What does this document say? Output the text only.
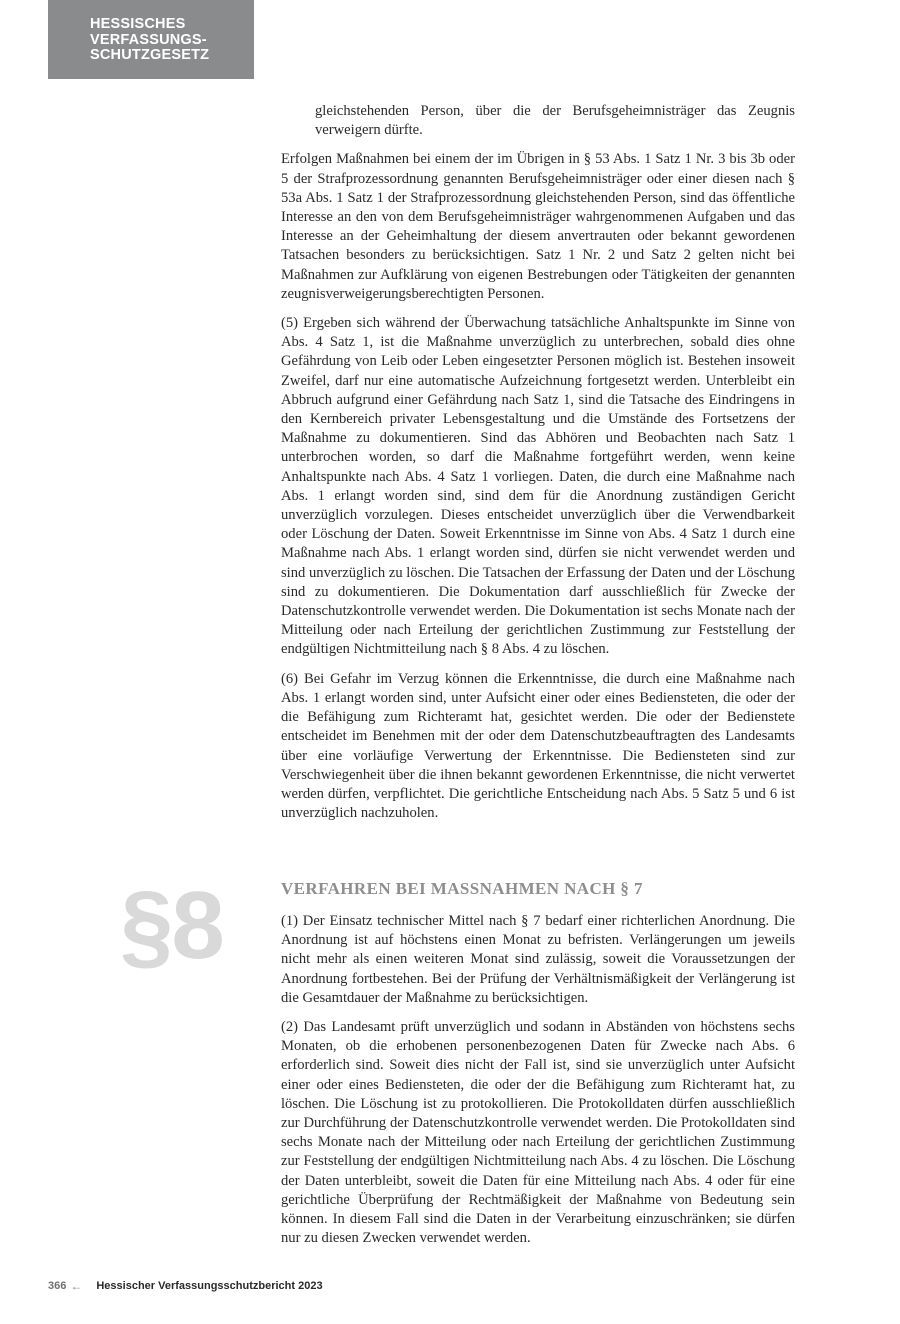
HESSISCHES
VERFASSUNGS-
SCHUTZGESETZ

gleichstehenden Person, über die der Berufsgeheimnisträger das Zeugnis verweigern dürfte.

Erfolgen Maßnahmen bei einem der im Übrigen in § 53 Abs. 1 Satz 1 Nr. 3 bis 3b oder 5 der Strafprozessordnung genannten Berufsgeheimnisträger oder einer diesen nach § 53a Abs. 1 Satz 1 der Strafprozessordnung gleichstehenden Person, sind das öffentliche Interesse an den von dem Berufsgeheimnisträger wahrgenommenen Aufgaben und das Interesse an der Geheimhaltung der diesem anvertrauten oder bekannt gewordenen Tatsachen besonders zu berücksichtigen. Satz 1 Nr. 2 und Satz 2 gelten nicht bei Maßnahmen zur Aufklärung von eigenen Bestrebungen oder Tätigkeiten der genannten zeugnisverweigerungsberechtigten Personen.

(5) Ergeben sich während der Überwachung tatsächliche Anhaltspunkte im Sinne von Abs. 4 Satz 1, ist die Maßnahme unverzüglich zu unterbrechen, sobald dies ohne Gefährdung von Leib oder Leben eingesetzter Personen möglich ist. Bestehen insoweit Zweifel, darf nur eine automatische Aufzeichnung fortgesetzt werden. Unterbleibt ein Abbruch aufgrund einer Gefährdung nach Satz 1, sind die Tatsache des Eindringens in den Kernbereich privater Lebensgestaltung und die Umstände des Fortsetzens der Maßnahme zu dokumentieren. Sind das Abhören und Beobachten nach Satz 1 unterbrochen worden, so darf die Maßnahme fortgeführt werden, wenn keine Anhaltspunkte nach Abs. 4 Satz 1 vorliegen. Daten, die durch eine Maßnahme nach Abs. 1 erlangt worden sind, sind dem für die Anordnung zuständigen Gericht unverzüglich vorzulegen. Dieses entscheidet unverzüglich über die Verwendbarkeit oder Löschung der Daten. Soweit Erkenntnisse im Sinne von Abs. 4 Satz 1 durch eine Maßnahme nach Abs. 1 erlangt worden sind, dürfen sie nicht verwendet werden und sind unverzüglich zu löschen. Die Tatsachen der Erfassung der Daten und der Löschung sind zu dokumentieren. Die Dokumentation darf ausschließlich für Zwecke der Datenschutzkontrolle verwendet werden. Die Dokumentation ist sechs Monate nach der Mitteilung oder nach Erteilung der gerichtlichen Zustimmung zur Feststellung der endgültigen Nichtmitteilung nach § 8 Abs. 4 zu löschen.

(6) Bei Gefahr im Verzug können die Erkenntnisse, die durch eine Maßnahme nach Abs. 1 erlangt worden sind, unter Aufsicht einer oder eines Bediensteten, die oder der die Befähigung zum Richteramt hat, gesichtet werden. Die oder der Bedienstete entscheidet im Benehmen mit der oder dem Datenschutzbeauftragten des Landesamts über eine vorläufige Verwertung der Erkenntnisse. Die Bediensteten sind zur Verschwiegenheit über die ihnen bekannt gewordenen Erkenntnisse, die nicht verwertet werden dürfen, verpflichtet. Die gerichtliche Entscheidung nach Abs. 5 Satz 5 und 6 ist unverzüglich nachzuholen.

§8	VERFAHREN BEI MASSNAHMEN NACH § 7

(1) Der Einsatz technischer Mittel nach § 7 bedarf einer richterlichen Anordnung. Die Anordnung ist auf höchstens einen Monat zu befristen. Verlängerungen um jeweils nicht mehr als einen weiteren Monat sind zulässig, soweit die Voraussetzungen der Anordnung fortbestehen. Bei der Prüfung der Verhältnismäßigkeit der Verlängerung ist die Gesamtdauer der Maßnahme zu berücksichtigen.

(2) Das Landesamt prüft unverzüglich und sodann in Abständen von höchstens sechs Monaten, ob die erhobenen personenbezogenen Daten für Zwecke nach Abs. 6 erforderlich sind. Soweit dies nicht der Fall ist, sind sie unverzüglich unter Aufsicht einer oder eines Bediensteten, die oder der die Befähigung zum Richteramt hat, zu löschen. Die Löschung ist zu protokollieren. Die Protokolldaten dürfen ausschließlich zur Durchführung der Datenschutzkontrolle verwendet werden. Die Protokolldaten sind sechs Monate nach der Mitteilung oder nach Erteilung der gerichtlichen Zustimmung zur Feststellung der endgültigen Nichtmitteilung nach Abs. 4 zu löschen. Die Löschung der Daten unterbleibt, soweit die Daten für eine Mitteilung nach Abs. 4 oder für eine gerichtliche Überprüfung der Rechtmäßigkeit der Maßnahme von Bedeutung sein können. In diesem Fall sind die Daten in der Verarbeitung einzuschränken; sie dürfen nur zu diesen Zwecken verwendet werden.

366 ← Hessischer Verfassungsschutzbericht 2023
